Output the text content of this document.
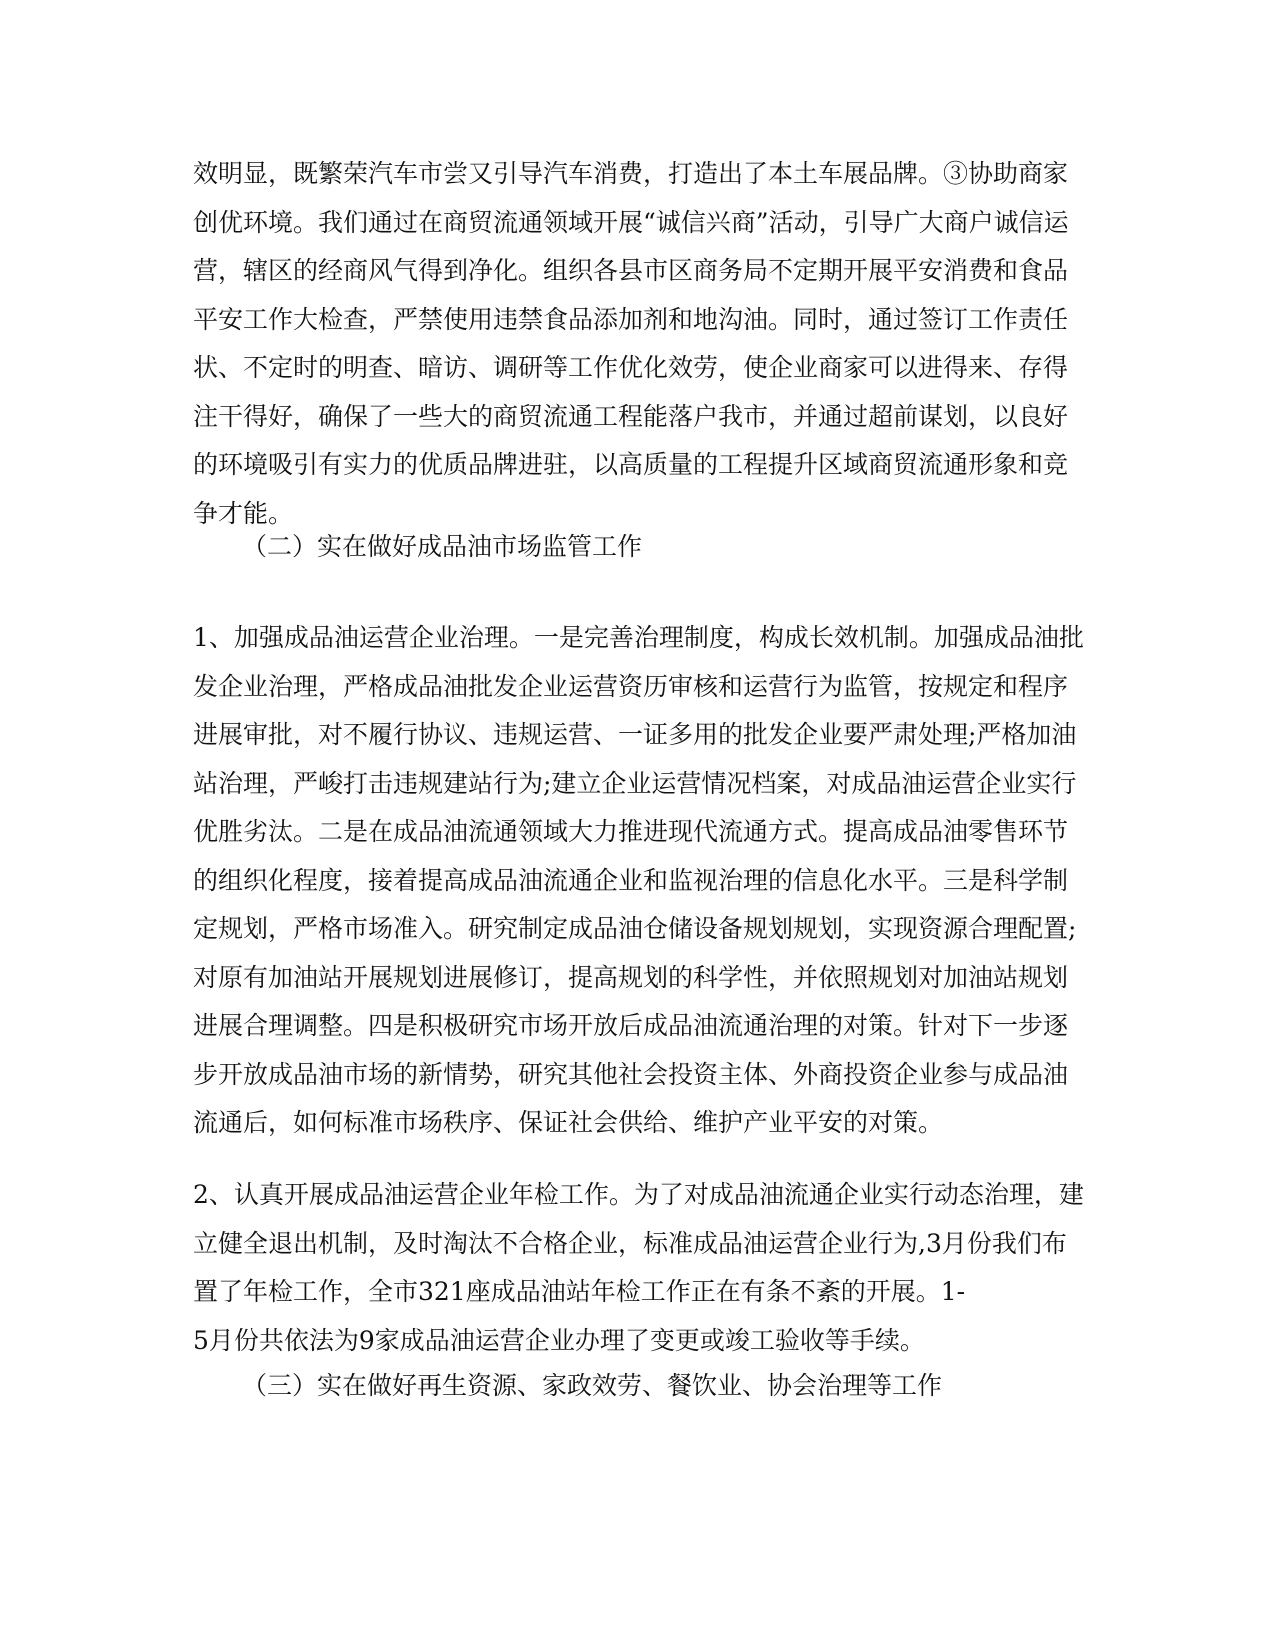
效明显，既繁荣汽车市尝又引导汽车消费，打造出了本土车展品牌。③协助商家
创优环境。我们通过在商贸流通领域开展“诚信兴商”活动，引导广大商户诚信运
营，辖区的经商风气得到净化。组织各县市区商务局不定期开展平安消费和食品
平安工作大检查，严禁使用违禁食品添加剂和地沟油。同时，通过签订工作责任
状、不定时的明查、暗访、调研等工作优化效劳，使企业商家可以进得来、存得
注干得好，确保了一些大的商贸流通工程能落户我市，并通过超前谋划，以良好
的环境吸引有实力的优质品牌进驻，以高质量的工程提升区域商贸流通形象和竞
争才能。
（二）实在做好成品油市场监管工作
1、加强成品油运营企业治理。一是完善治理制度，构成长效机制。加强成品油批
发企业治理，严格成品油批发企业运营资历审核和运营行为监管，按规定和程序
进展审批，对不履行协议、违规运营、一证多用的批发企业要严肃处理;严格加油
站治理，严峻打击违规建站行为;建立企业运营情况档案，对成品油运营企业实行
优胜劣汰。二是在成品油流通领域大力推进现代流通方式。提高成品油零售环节
的组织化程度，接着提高成品油流通企业和监视治理的信息化水平。三是科学制
定规划，严格市场准入。研究制定成品油仓储设备规划规划，实现资源合理配置;
对原有加油站开展规划进展修订，提高规划的科学性，并依照规划对加油站规划
进展合理调整。四是积极研究市场开放后成品油流通治理的对策。针对下一步逐
步开放成品油市场的新情势，研究其他社会投资主体、外商投资企业参与成品油
流通后，如何标准市场秩序、保证社会供给、维护产业平安的对策。
2、认真开展成品油运营企业年检工作。为了对成品油流通企业实行动态治理，建
立健全退出机制，及时淘汰不合格企业，标准成品油运营企业行为,3月份我们布
置了年检工作，全市321座成品油站年检工作正在有条不紊的开展。1-
5月份共依法为9家成品油运营企业办理了变更或竣工验收等手续。
（三）实在做好再生资源、家政效劳、餐饮业、协会治理等工作
